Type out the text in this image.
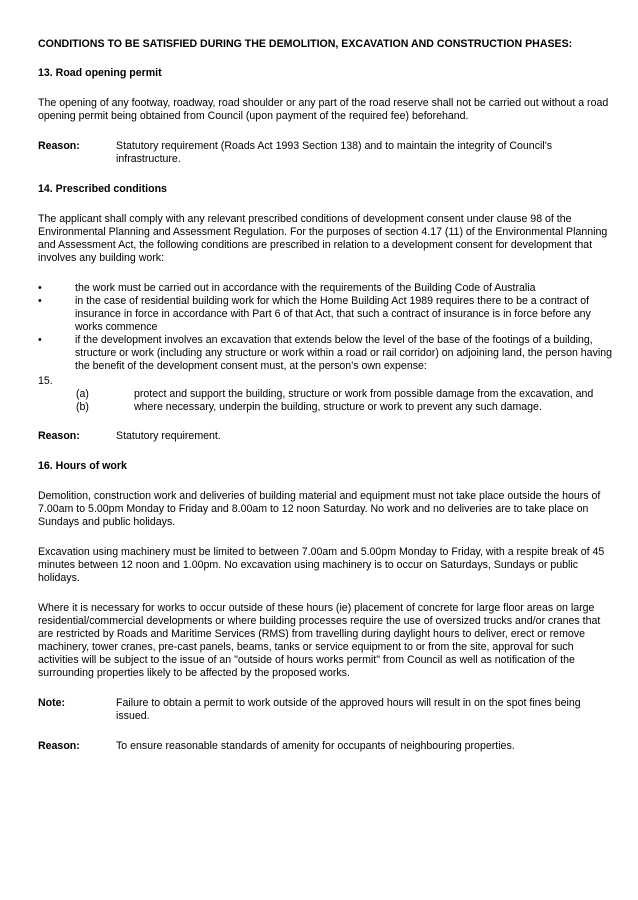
CONDITIONS TO BE SATISFIED DURING THE DEMOLITION, EXCAVATION AND CONSTRUCTION PHASES:

13. Road opening permit

The opening of any footway, roadway, road shoulder or any part of the road reserve shall not be carried out without a road opening permit being obtained from Council (upon payment of the required fee) beforehand.

Reason:	Statutory requirement (Roads Act 1993 Section 138) and to maintain the integrity of Council's infrastructure.

14. Prescribed conditions

The applicant shall comply with any relevant prescribed conditions of development consent under clause 98 of the Environmental Planning and Assessment Regulation. For the purposes of section 4.17 (11) of the Environmental Planning and Assessment Act, the following conditions are prescribed in relation to a development consent for development that involves any building work:

•	the work must be carried out in accordance with the requirements of the Building Code of Australia
•	in the case of residential building work for which the Home Building Act 1989 requires there to be a contract of insurance in force in accordance with Part 6 of that Act, that such a contract of insurance is in force before any works commence
•	if the development involves an excavation that extends below the level of the base of the footings of a building, structure or work (including any structure or work within a road or rail corridor) on adjoining land, the person having the benefit of the development consent must, at the person's own expense:

15.

(a)	protect and support the building, structure or work from possible damage from the excavation, and
(b)	where necessary, underpin the building, structure or work to prevent any such damage.
Reason:	Statutory requirement.

16. Hours of work

Demolition, construction work and deliveries of building material and equipment must not take place outside the hours of 7.00am to 5.00pm Monday to Friday and 8.00am to 12 noon Saturday. No work and no deliveries are to take place on Sundays and public holidays.

Excavation using machinery must be limited to between 7.00am and 5.00pm Monday to Friday, with a respite break of 45 minutes between 12 noon and 1.00pm. No excavation using machinery is to occur on Saturdays, Sundays or public holidays.

Where it is necessary for works to occur outside of these hours (ie) placement of concrete for large floor areas on large residential/commercial developments or where building processes require the use of oversized trucks and/or cranes that are restricted by Roads and Maritime Services (RMS) from travelling during daylight hours to deliver, erect or remove machinery, tower cranes, pre-cast panels, beams, tanks or service equipment to or from the site, approval for such activities will be subject to the issue of an "outside of hours works permit" from Council as well as notification of the surrounding properties likely to be affected by the proposed works.

Note:	Failure to obtain a permit to work outside of the approved hours will result in on the spot fines being issued.
Reason:	To ensure reasonable standards of amenity for occupants of neighbouring properties.
